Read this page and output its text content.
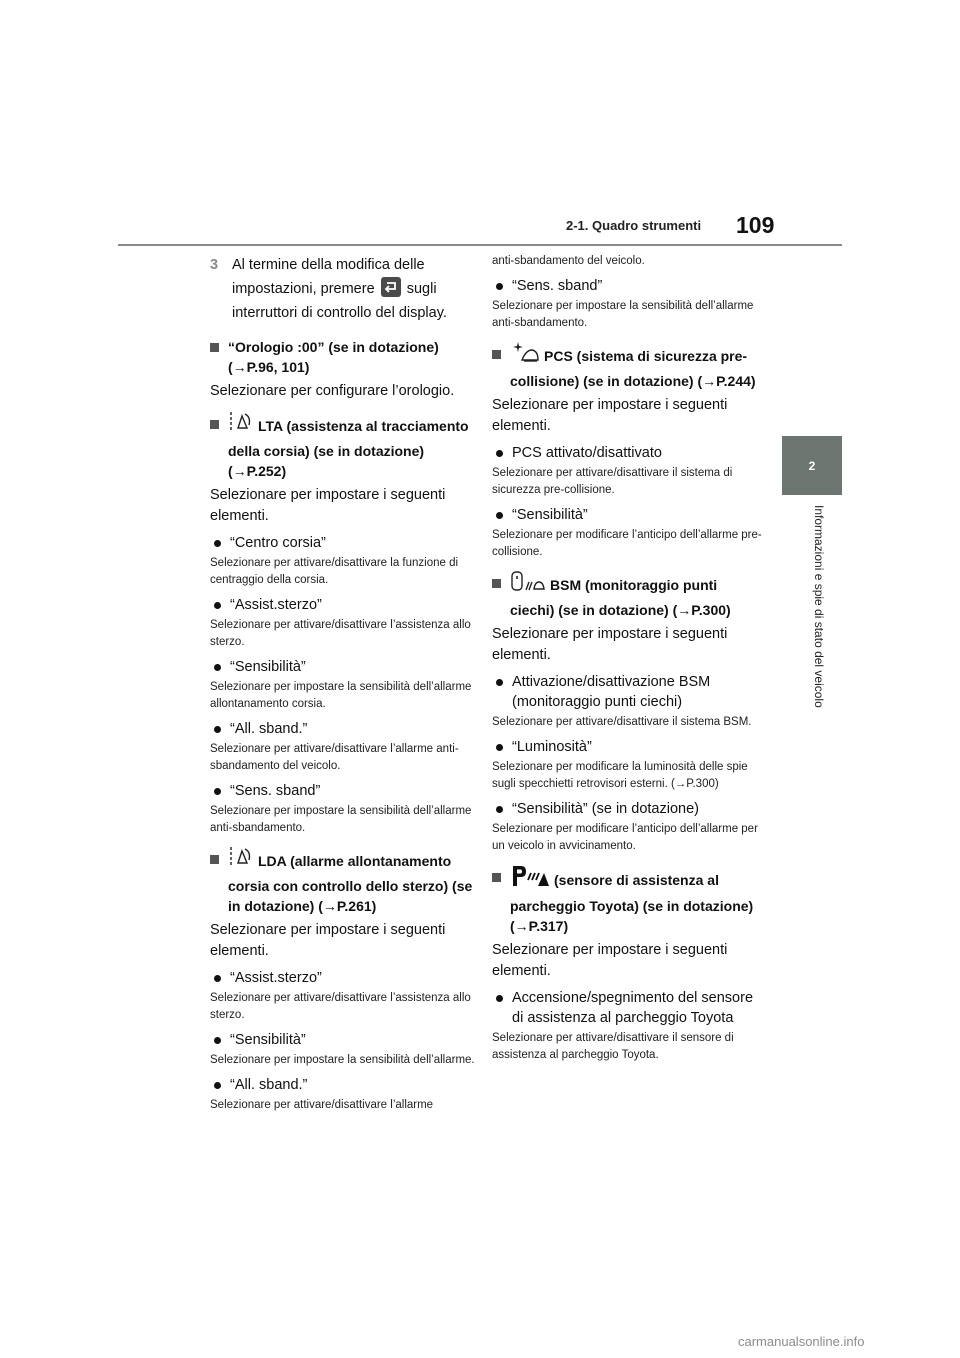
2-1. Quadro strumenti 109
2
Informazioni e spie di stato del veicolo
3 Al termine della modifica delle impostazioni, premere sugli interruttori di controllo del display.
“Orologio :00” (se in dotazione) (→P.96, 101)
Selezionare per configurare l’orologio.
LTA (assistenza al tracciamento della corsia) (se in dotazione) (→P.252)
Selezionare per impostare i seguenti elementi.
“Centro corsia”
Selezionare per attivare/disattivare la funzione di centraggio della corsia.
“Assist.sterzo”
Selezionare per attivare/disattivare l’assistenza allo sterzo.
“Sensibilità”
Selezionare per impostare la sensibilità dell’allarme allontanamento corsia.
“All. sband.”
Selezionare per attivare/disattivare l’allarme anti-sbandamento del veicolo.
“Sens. sband”
Selezionare per impostare la sensibilità dell’allarme anti-sbandamento.
LDA (allarme allontanamento corsia con controllo dello sterzo) (se in dotazione) (→P.261)
Selezionare per impostare i seguenti elementi.
“Assist.sterzo”
Selezionare per attivare/disattivare l’assistenza allo sterzo.
“Sensibilità”
Selezionare per impostare la sensibilità dell’allarme.
“All. sband.”
Selezionare per attivare/disattivare l’allarme
anti-sbandamento del veicolo.
“Sens. sband”
Selezionare per impostare la sensibilità dell’allarme anti-sbandamento.
PCS (sistema di sicurezza pre-collisione) (se in dotazione) (→P.244)
Selezionare per impostare i seguenti elementi.
PCS attivato/disattivato
Selezionare per attivare/disattivare il sistema di sicurezza pre-collisione.
“Sensibilità”
Selezionare per modificare l’anticipo dell’allarme pre-collisione.
BSM (monitoraggio punti ciechi) (se in dotazione) (→P.300)
Selezionare per impostare i seguenti elementi.
Attivazione/disattivazione BSM (monitoraggio punti ciechi)
Selezionare per attivare/disattivare il sistema BSM.
“Luminosità”
Selezionare per modificare la luminosità delle spie sugli specchietti retrovisori esterni. (→P.300)
“Sensibilità” (se in dotazione)
Selezionare per modificare l’anticipo dell’allarme per un veicolo in avvicinamento.
(sensore di assistenza al parcheggio Toyota) (se in dotazione) (→P.317)
Selezionare per impostare i seguenti elementi.
Accensione/spegnimento del sensore di assistenza al parcheggio Toyota
Selezionare per attivare/disattivare il sensore di assistenza al parcheggio Toyota.
carmanualsonline.info
